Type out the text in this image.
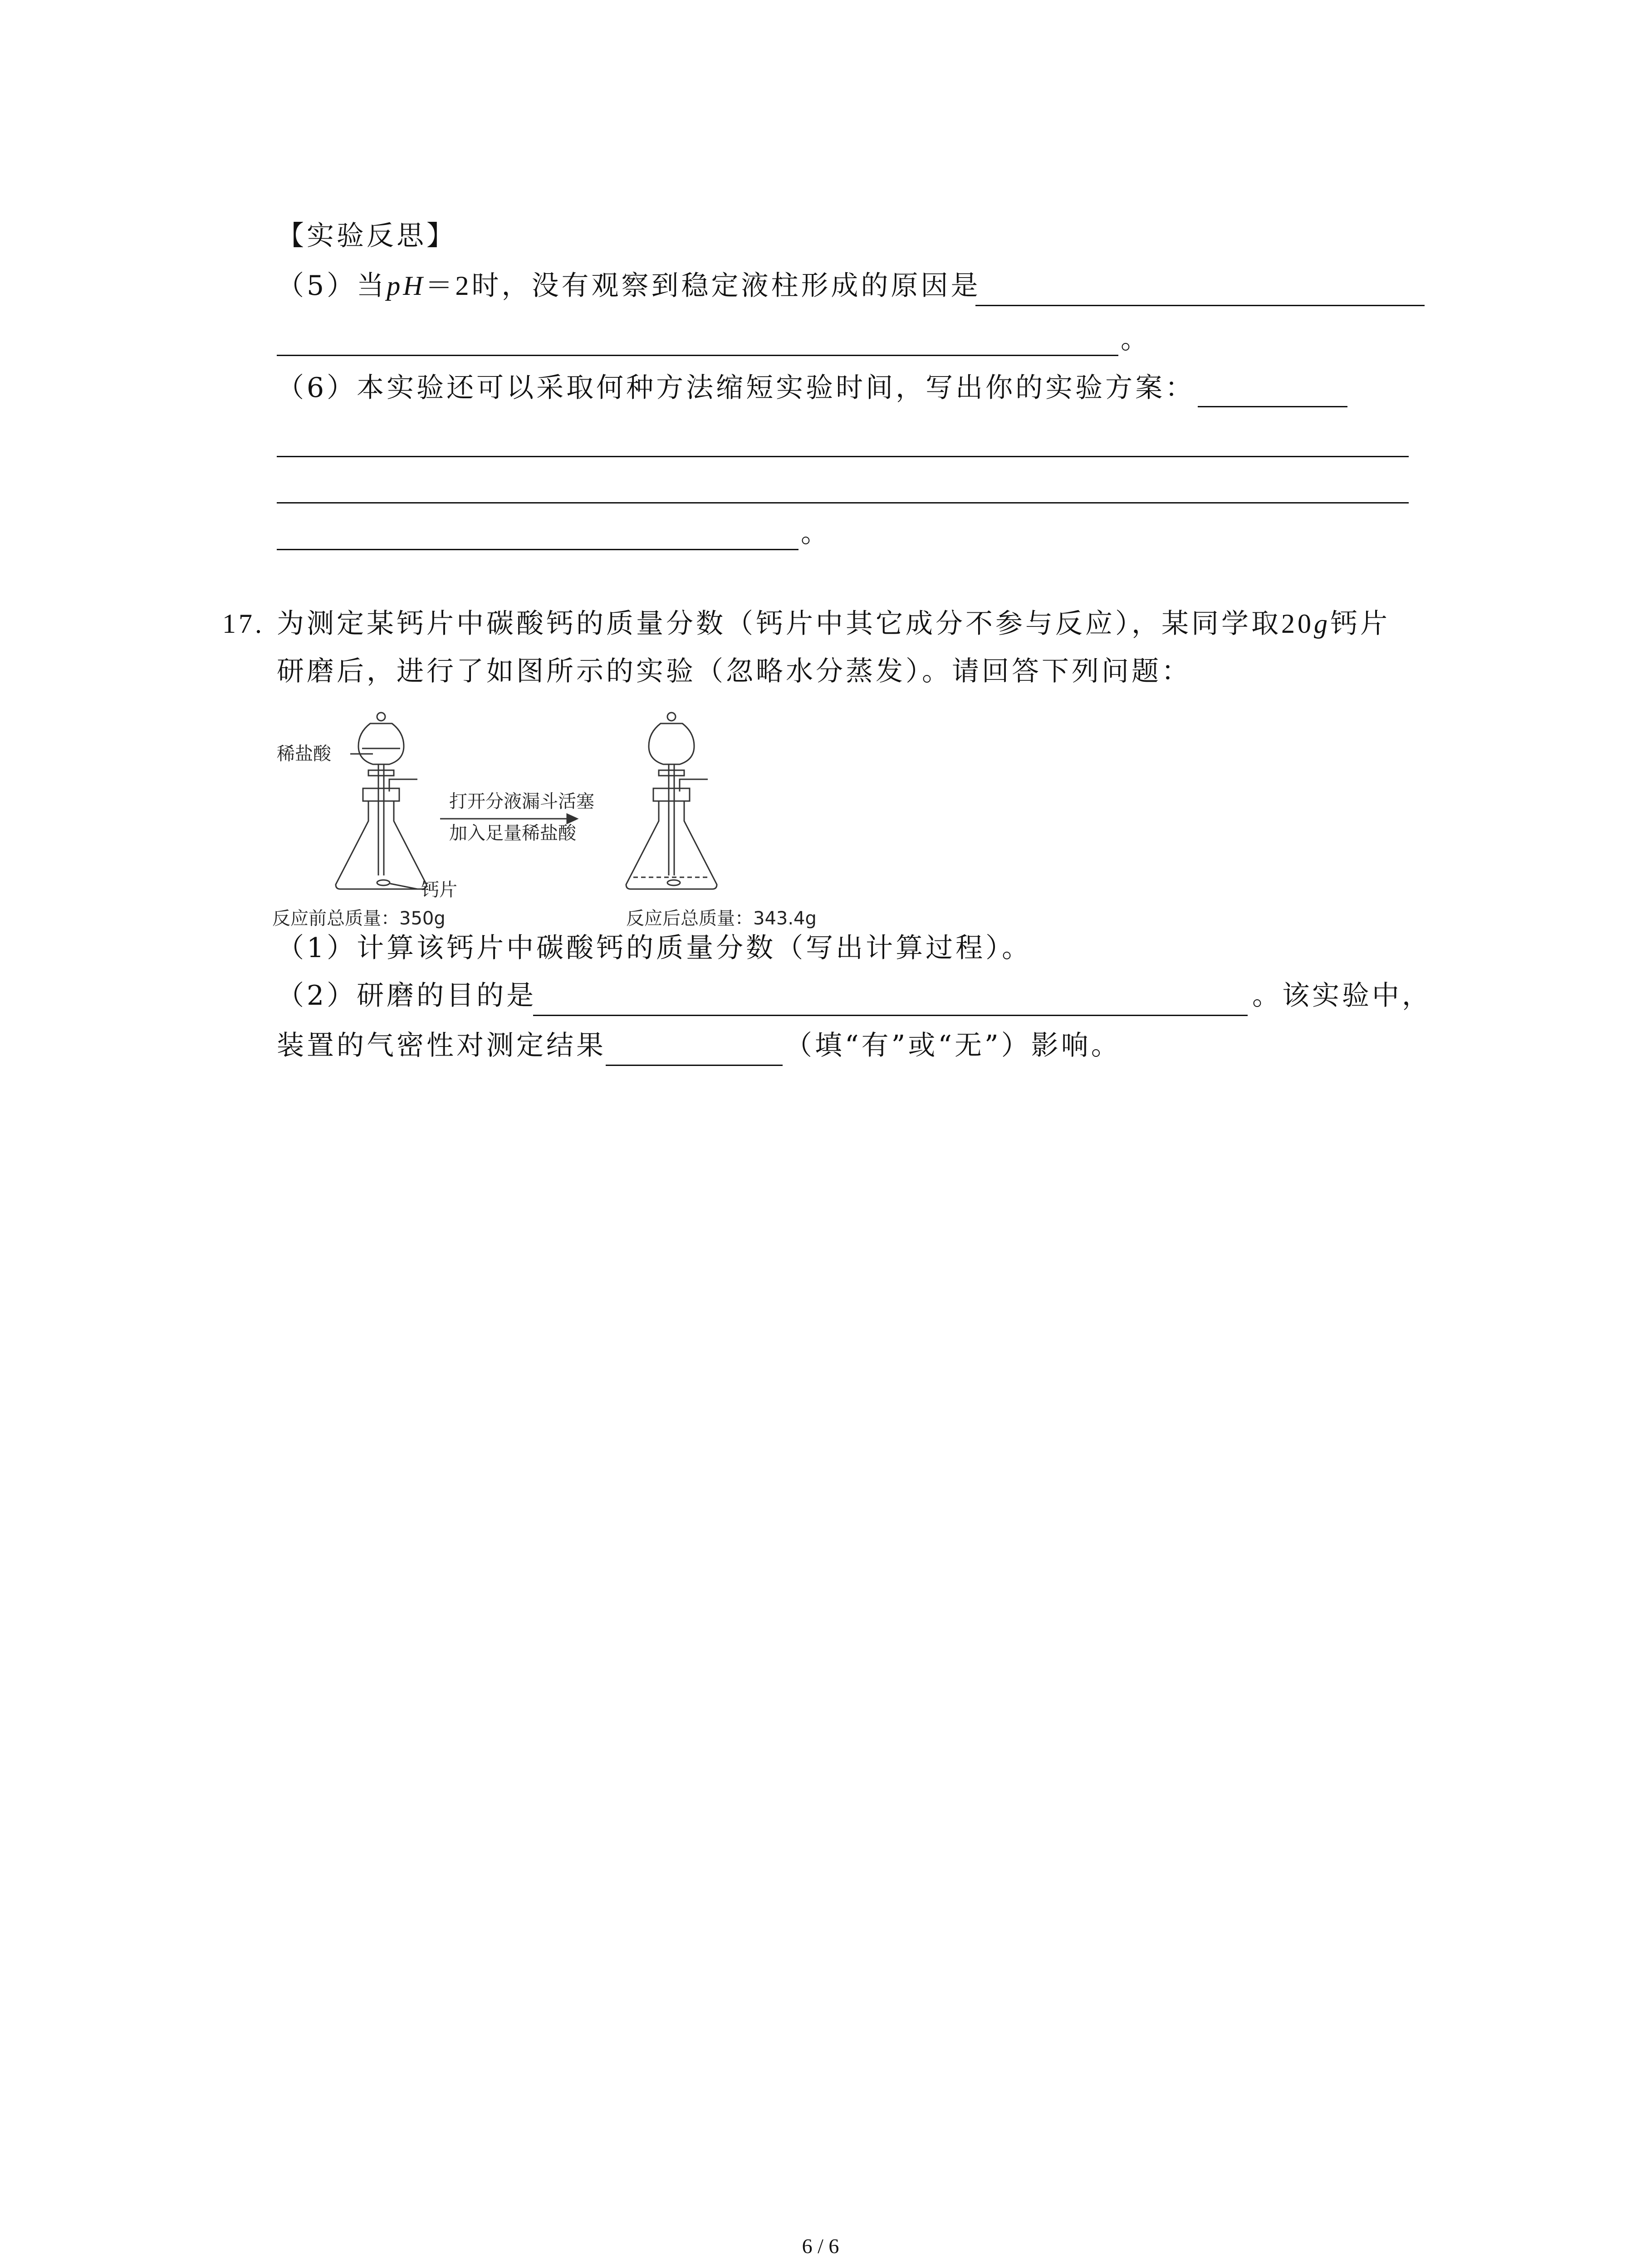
【实验反思】
（5）当pH＝2时，没有观察到稳定液柱形成的原因是
。
（6）本实验还可以采取何种方法缩短实验时间，写出你的实验方案：
。
17. 为测定某钙片中碳酸钙的质量分数（钙片中其它成分不参与反应），某同学取20g钙片
研磨后，进行了如图所示的实验（忽略水分蒸发）。请回答下列问题：
稀盐酸
打开分液漏斗活塞
加入足量稀盐酸
钙片
反应前总质量：350g	反应后总质量：343.4g
（1）计算该钙片中碳酸钙的质量分数（写出计算过程）。
（2）研磨的目的是	。该实验中，
装置的气密性对测定结果	（填“有”或“无”）影响。
6 / 6
